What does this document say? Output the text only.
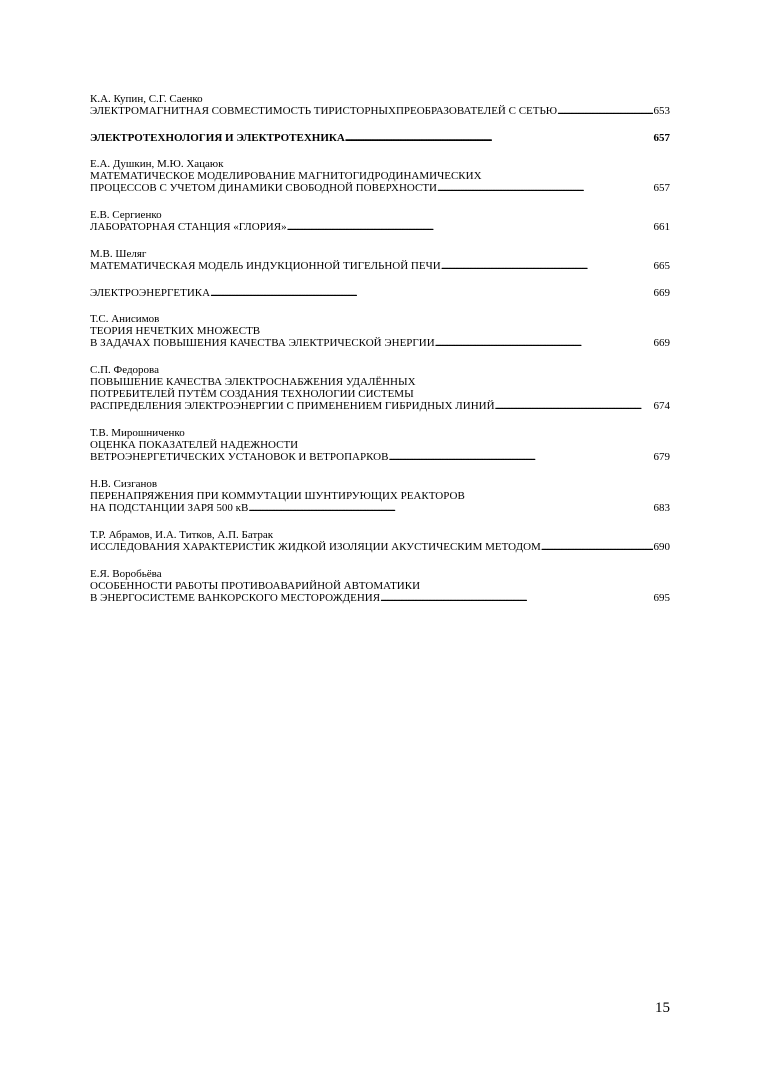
К.А. Купин, С.Г. Саенко
ЭЛЕКТРОМАГНИТНАЯ СОВМЕСТИМОСТЬ ТИРИСТОРНЫХПРЕОБРАЗОВАТЕЛЕЙ С СЕТЬЮ . . .	653
ЭЛЕКТРОТЕХНОЛОГИЯ И ЭЛЕКТРОТЕХНИКА . . .	657
Е.А. Душкин, М.Ю. Хацаюк
МАТЕМАТИЧЕСКОЕ МОДЕЛИРОВАНИЕ МАГНИТОГИДРОДИНАМИЧЕСКИХ
ПРОЦЕССОВ С УЧЕТОМ ДИНАМИКИ СВОБОДНОЙ ПОВЕРХНОСТИ . . .	657
Е.В. Сергиенко
ЛАБОРАТОРНАЯ СТАНЦИЯ «ГЛОРИЯ» . . .	661
М.В. Шеляг
МАТЕМАТИЧЕСКАЯ МОДЕЛЬ ИНДУКЦИОННОЙ ТИГЕЛЬНОЙ ПЕЧИ . . .	665
ЭЛЕКТРОЭНЕРГЕТИКА . . .	669
Т.С. Анисимов
ТЕОРИЯ НЕЧЕТКИХ МНОЖЕСТВ
В ЗАДАЧАХ ПОВЫШЕНИЯ КАЧЕСТВА ЭЛЕКТРИЧЕСКОЙ ЭНЕРГИИ . . .	669
С.П. Федорова
ПОВЫШЕНИЕ КАЧЕСТВА ЭЛЕКТРОСНАБЖЕНИЯ УДАЛЁННЫХ
ПОТРЕБИТЕЛЕЙ ПУТЁМ СОЗДАНИЯ ТЕХНОЛОГИИ СИСТЕМЫ
РАСПРЕДЕЛЕНИЯ ЭЛЕКТРОЭНЕРГИИ С ПРИМЕНЕНИЕМ ГИБРИДНЫХ ЛИНИЙ . . .	674
Т.В. Мирошниченко
ОЦЕНКА ПОКАЗАТЕЛЕЙ НАДЕЖНОСТИ
ВЕТРОЭНЕРГЕТИЧЕСКИХ УСТАНОВОК И ВЕТРОПАРКОВ . . .	679
Н.В. Сизганов
ПЕРЕНАПРЯЖЕНИЯ ПРИ КОММУТАЦИИ ШУНТИРУЮЩИХ РЕАКТОРОВ
НА ПОДСТАНЦИИ ЗАРЯ 500 кВ . . .	683
Т.Р. Абрамов, И.А. Титков, А.П. Батрак
ИССЛЕДОВАНИЯ ХАРАКТЕРИСТИК ЖИДКОЙ ИЗОЛЯЦИИ АКУСТИЧЕСКИМ МЕТОДОМ . . .	690
Е.Я. Воробьёва
ОСОБЕННОСТИ РАБОТЫ ПРОТИВОАВАРИЙНОЙ АВТОМАТИКИ
В ЭНЕРГОСИСТЕМЕ ВАНКОРСКОГО МЕСТОРОЖДЕНИЯ . . .	695
15
